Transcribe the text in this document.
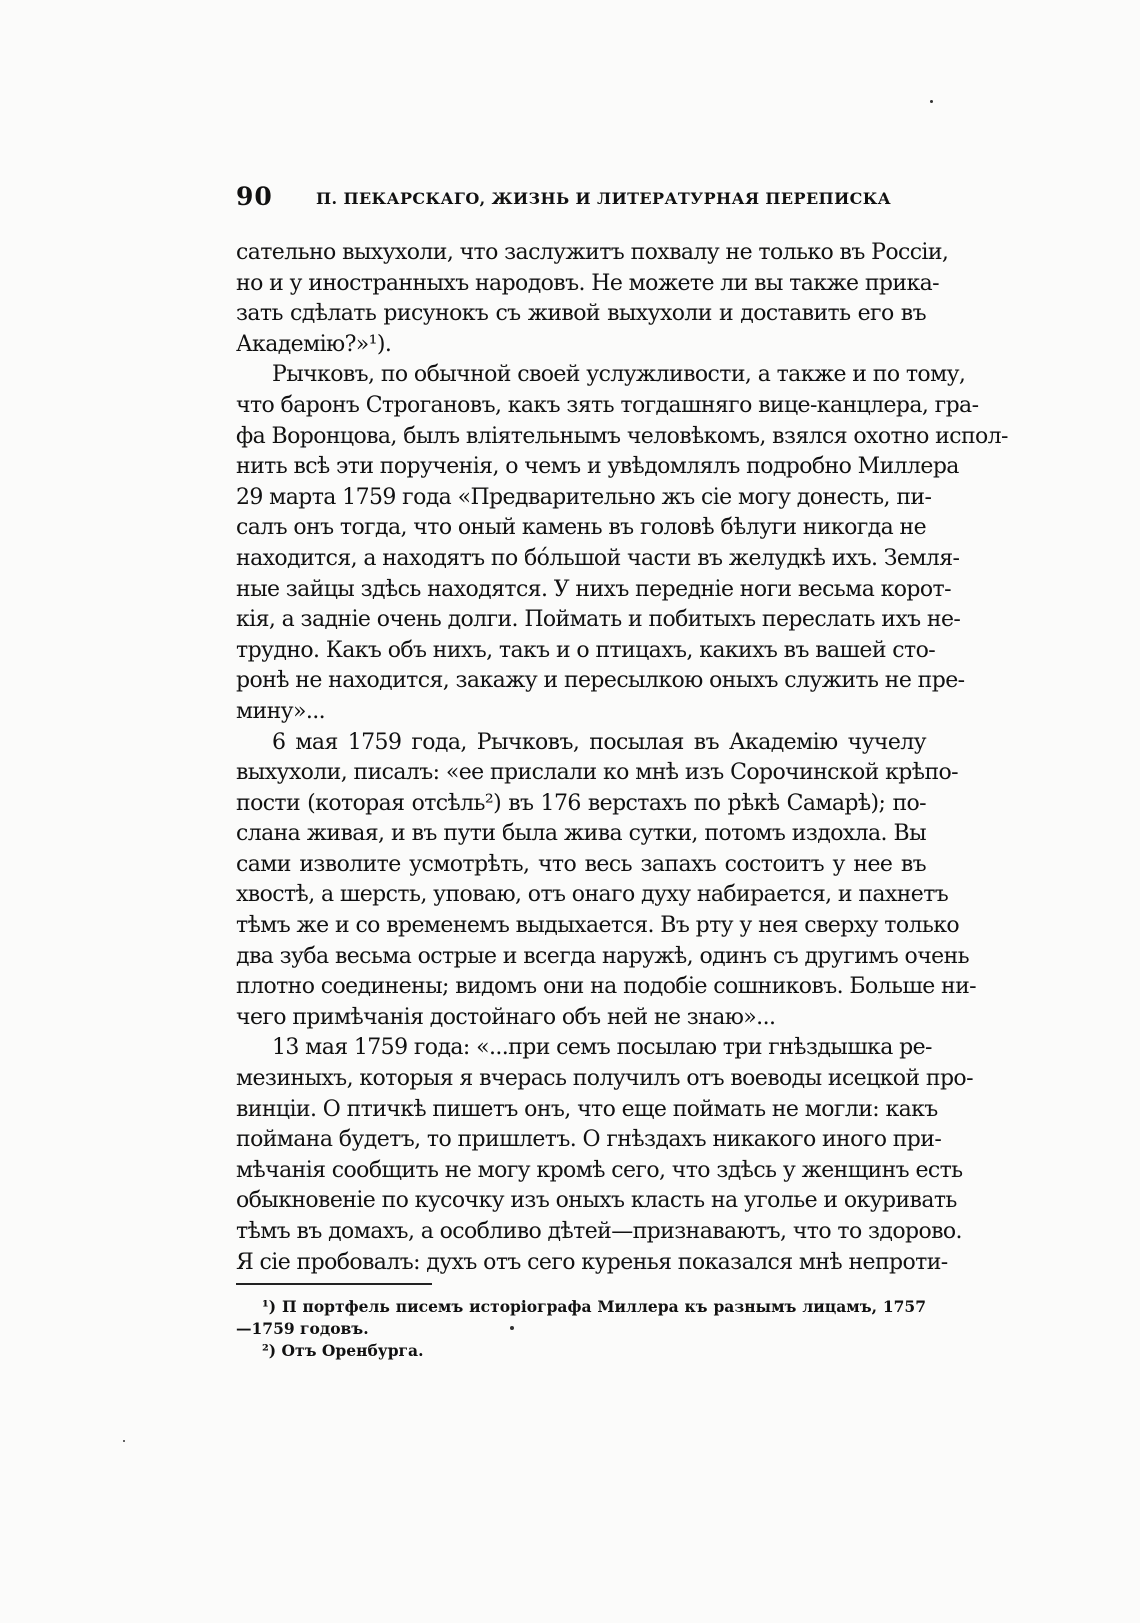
90	П. ПЕКАРСКАГО, ЖИЗНЬ И ЛИТЕРАТУРНАЯ ПЕРЕПИСКА
сательно выхухоли, что заслужитъ похвалу не только въ Россіи,
но и у иностранныхъ народовъ. Не можете ли вы также прика-
зать сдѣлать рисунокъ съ живой выхухоли и доставить его въ
Академію?»¹).
Рычковъ, по обычной своей услужливости, а также и по тому,
что баронъ Строгановъ, какъ зять тогдашняго вице-канцлера, гра-
фа Воронцова, былъ вліятельнымъ человѣкомъ, взялся охотно испол-
нить всѣ эти порученія, о чемъ и увѣдомлялъ подробно Миллера
29 марта 1759 года «Предварительно жъ сіе могу донесть, пи-
салъ онъ тогда, что оный камень въ головѣ бѣлуги никогда не
находится, а находятъ по бо́льшой части въ желудкѣ ихъ. Земля-
ные зайцы здѣсь находятся. У нихъ передніе ноги весьма корот-
кія, а задніе очень долги. Поймать и побитыхъ переслать ихъ не-
трудно. Какъ объ нихъ, такъ и о птицахъ, какихъ въ вашей сто-
ронѣ не находится, закажу и пересылкою оныхъ служить не пре-
мину»...
6 мая 1759 года, Рычковъ, посылая въ Академію чучелу
выхухоли, писалъ: «ее прислали ко мнѣ изъ Сорочинской крѣпо-
пости (которая отсѣль²) въ 176 верстахъ по рѣкѣ Самарѣ); по-
слана живая, и въ пути была жива сутки, потомъ издохла. Вы
сами изволите усмотрѣть, что весь запахъ состоитъ у нее въ
хвостѣ, а шерсть, уповаю, отъ онаго духу набирается, и пахнетъ
тѣмъ же и со временемъ выдыхается. Въ рту у нея сверху только
два зуба весьма острые и всегда наружѣ, одинъ съ другимъ очень
плотно соединены; видомъ они на подобіе сошниковъ. Больше ни-
чего примѣчанія достойнаго объ ней не знаю»...
13 мая 1759 года: «...при семъ посылаю три гнѣздышка ре-
мезиныхъ, которыя я вчерась получилъ отъ воеводы исецкой про-
винціи. О птичкѣ пишетъ онъ, что еще поймать не могли: какъ
поймана будетъ, то пришлетъ. О гнѣздахъ никакого иного при-
мѣчанія сообщить не могу кромѣ сего, что здѣсь у женщинъ есть
обыкновеніе по кусочку изъ оныхъ класть на уголье и окуривать
тѣмъ въ домахъ, а особливо дѣтей—признаваютъ, что то здорово.
Я сіе пробовалъ: духъ отъ сего куренья показался мнѣ непроти-
¹) П портфель писемъ исторіографа Миллера къ разнымъ лицамъ, 1757
—1759 годовъ.
²) Отъ Оренбурга.
